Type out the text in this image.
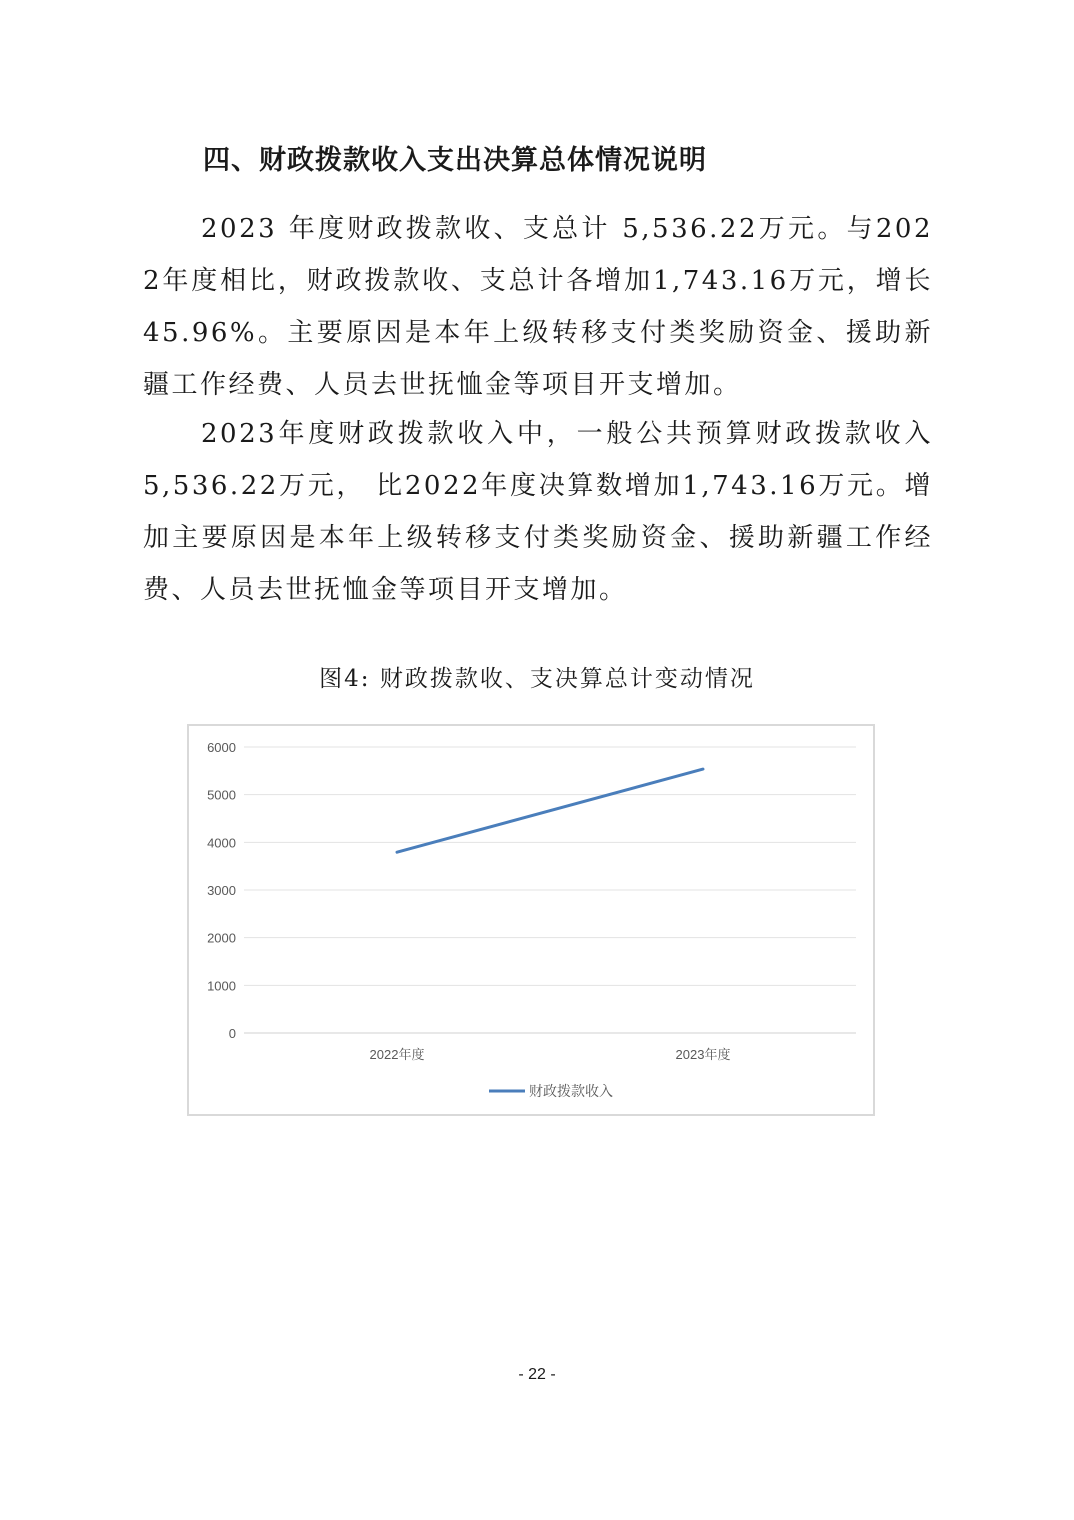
四、财政拨款收入支出决算总体情况说明

2023 年度财政拨款收、支总计 5,536.22万元。与2022年度相比，财政拨款收、支总计各增加1,743.16万元，增长45.96%。主要原因是本年上级转移支付类奖励资金、援助新疆工作经费、人员去世抚恤金等项目开支增加。

2023年度财政拨款收入中，一般公共预算财政拨款收入5,536.22万元， 比2022年度决算数增加1,743.16万元。增加主要原因是本年上级转移支付类奖励资金、援助新疆工作经费、人员去世抚恤金等项目开支增加。

图4: 财政拨款收、支决算总计变动情况
0
1000
2000
3000
4000
5000
6000
2022年度	2023年度
财政拨款收入
- 22 -
